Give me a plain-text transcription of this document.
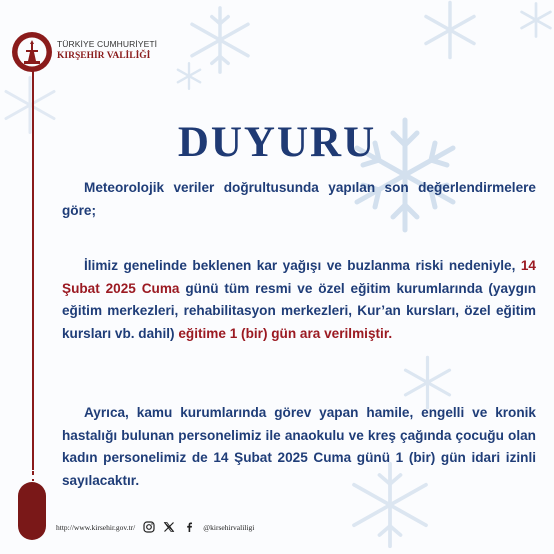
TÜRKİYE CUMHURİYETİ
KIRŞEHİR VALİLİĞİ
DUYURU
Meteorolojik veriler doğrultusunda yapılan son değerlendirmelere göre;
İlimiz genelinde beklenen kar yağışı ve buzlanma riski nedeniyle, 14 Şubat 2025 Cuma günü tüm resmi ve özel eğitim kurumlarında (yaygın eğitim merkezleri, rehabilitasyon merkezleri, Kur’an kursları, özel eğitim kursları vb. dahil) eğitime 1 (bir) gün ara verilmiştir.
Ayrıca, kamu kurumlarında görev yapan hamile, engelli ve kronik hastalığı bulunan personelimiz ile anaokulu ve kreş çağında çocuğu olan kadın personelimiz de 14 Şubat 2025 Cuma günü 1 (bir) gün idari izinli sayılacaktır.
http://www.kirsehir.gov.tr/	@kirsehirvaliligi
